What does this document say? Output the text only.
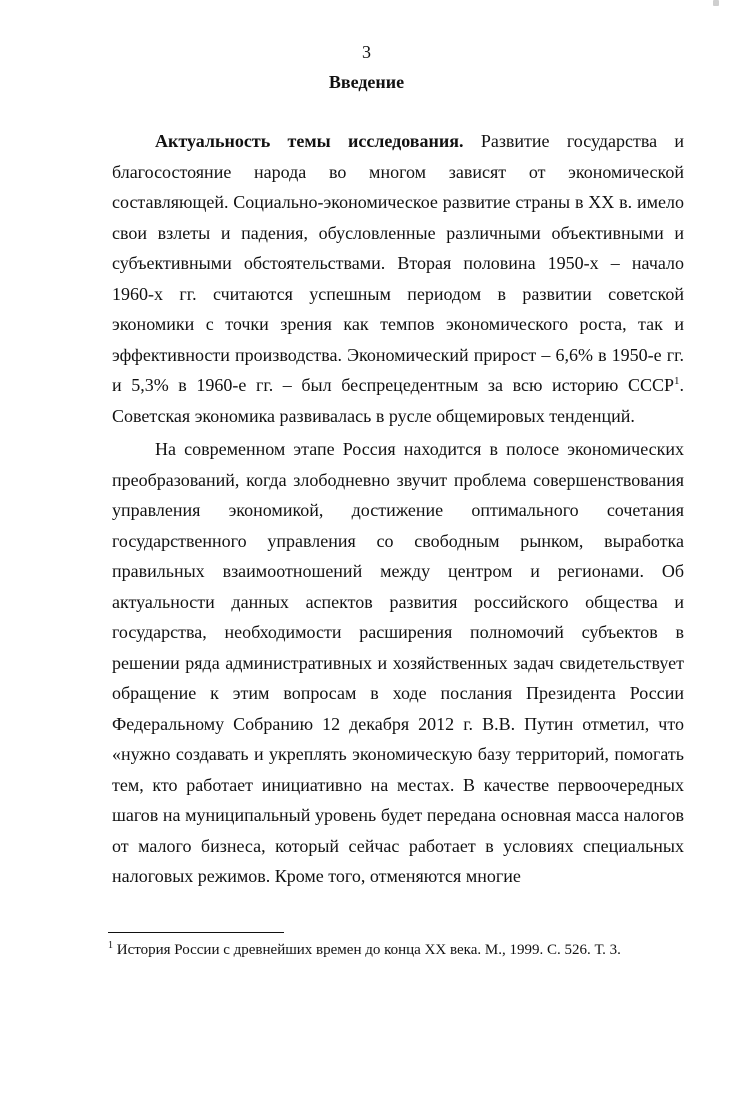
3
Введение

Актуальность темы исследования. Развитие государства и благосостояние народа во многом зависят от экономической составляющей. Социально-экономическое развитие страны в XX в. имело свои взлеты и падения, обусловленные различными объективными и субъективными обстоятельствами. Вторая половина 1950-х – начало 1960-х гг. считаются успешным периодом в развитии советской экономики с точки зрения как темпов экономического роста, так и эффективности производства. Экономический прирост – 6,6% в 1950-е гг. и 5,3% в 1960-е гг. – был беспрецедентным за всю историю СССР$^1$. Советская экономика развивалась в русле общемировых тенденций.

На современном этапе Россия находится в полосе экономических преобразований, когда злободневно звучит проблема совершенствования управления экономикой, достижение оптимального сочетания государственного управления со свободным рынком, выработка правильных взаимоотношений между центром и регионами. Об актуальности данных аспектов развития российского общества и государства, необходимости расширения полномочий субъектов в решении ряда административных и хозяйственных задач свидетельствует обращение к этим вопросам в ходе послания Президента России Федеральному Собранию 12 декабря 2012 г. В.В. Путин отметил, что «нужно создавать и укреплять экономическую базу территорий, помогать тем, кто работает инициативно на местах. В качестве первоочередных шагов на муниципальный уровень будет передана основная масса налогов от малого бизнеса, который сейчас работает в условиях специальных налоговых режимов. Кроме того, отменяются многие

$^1$ История России с древнейших времен до конца XX века. М., 1999. С. 526. Т. 3.
